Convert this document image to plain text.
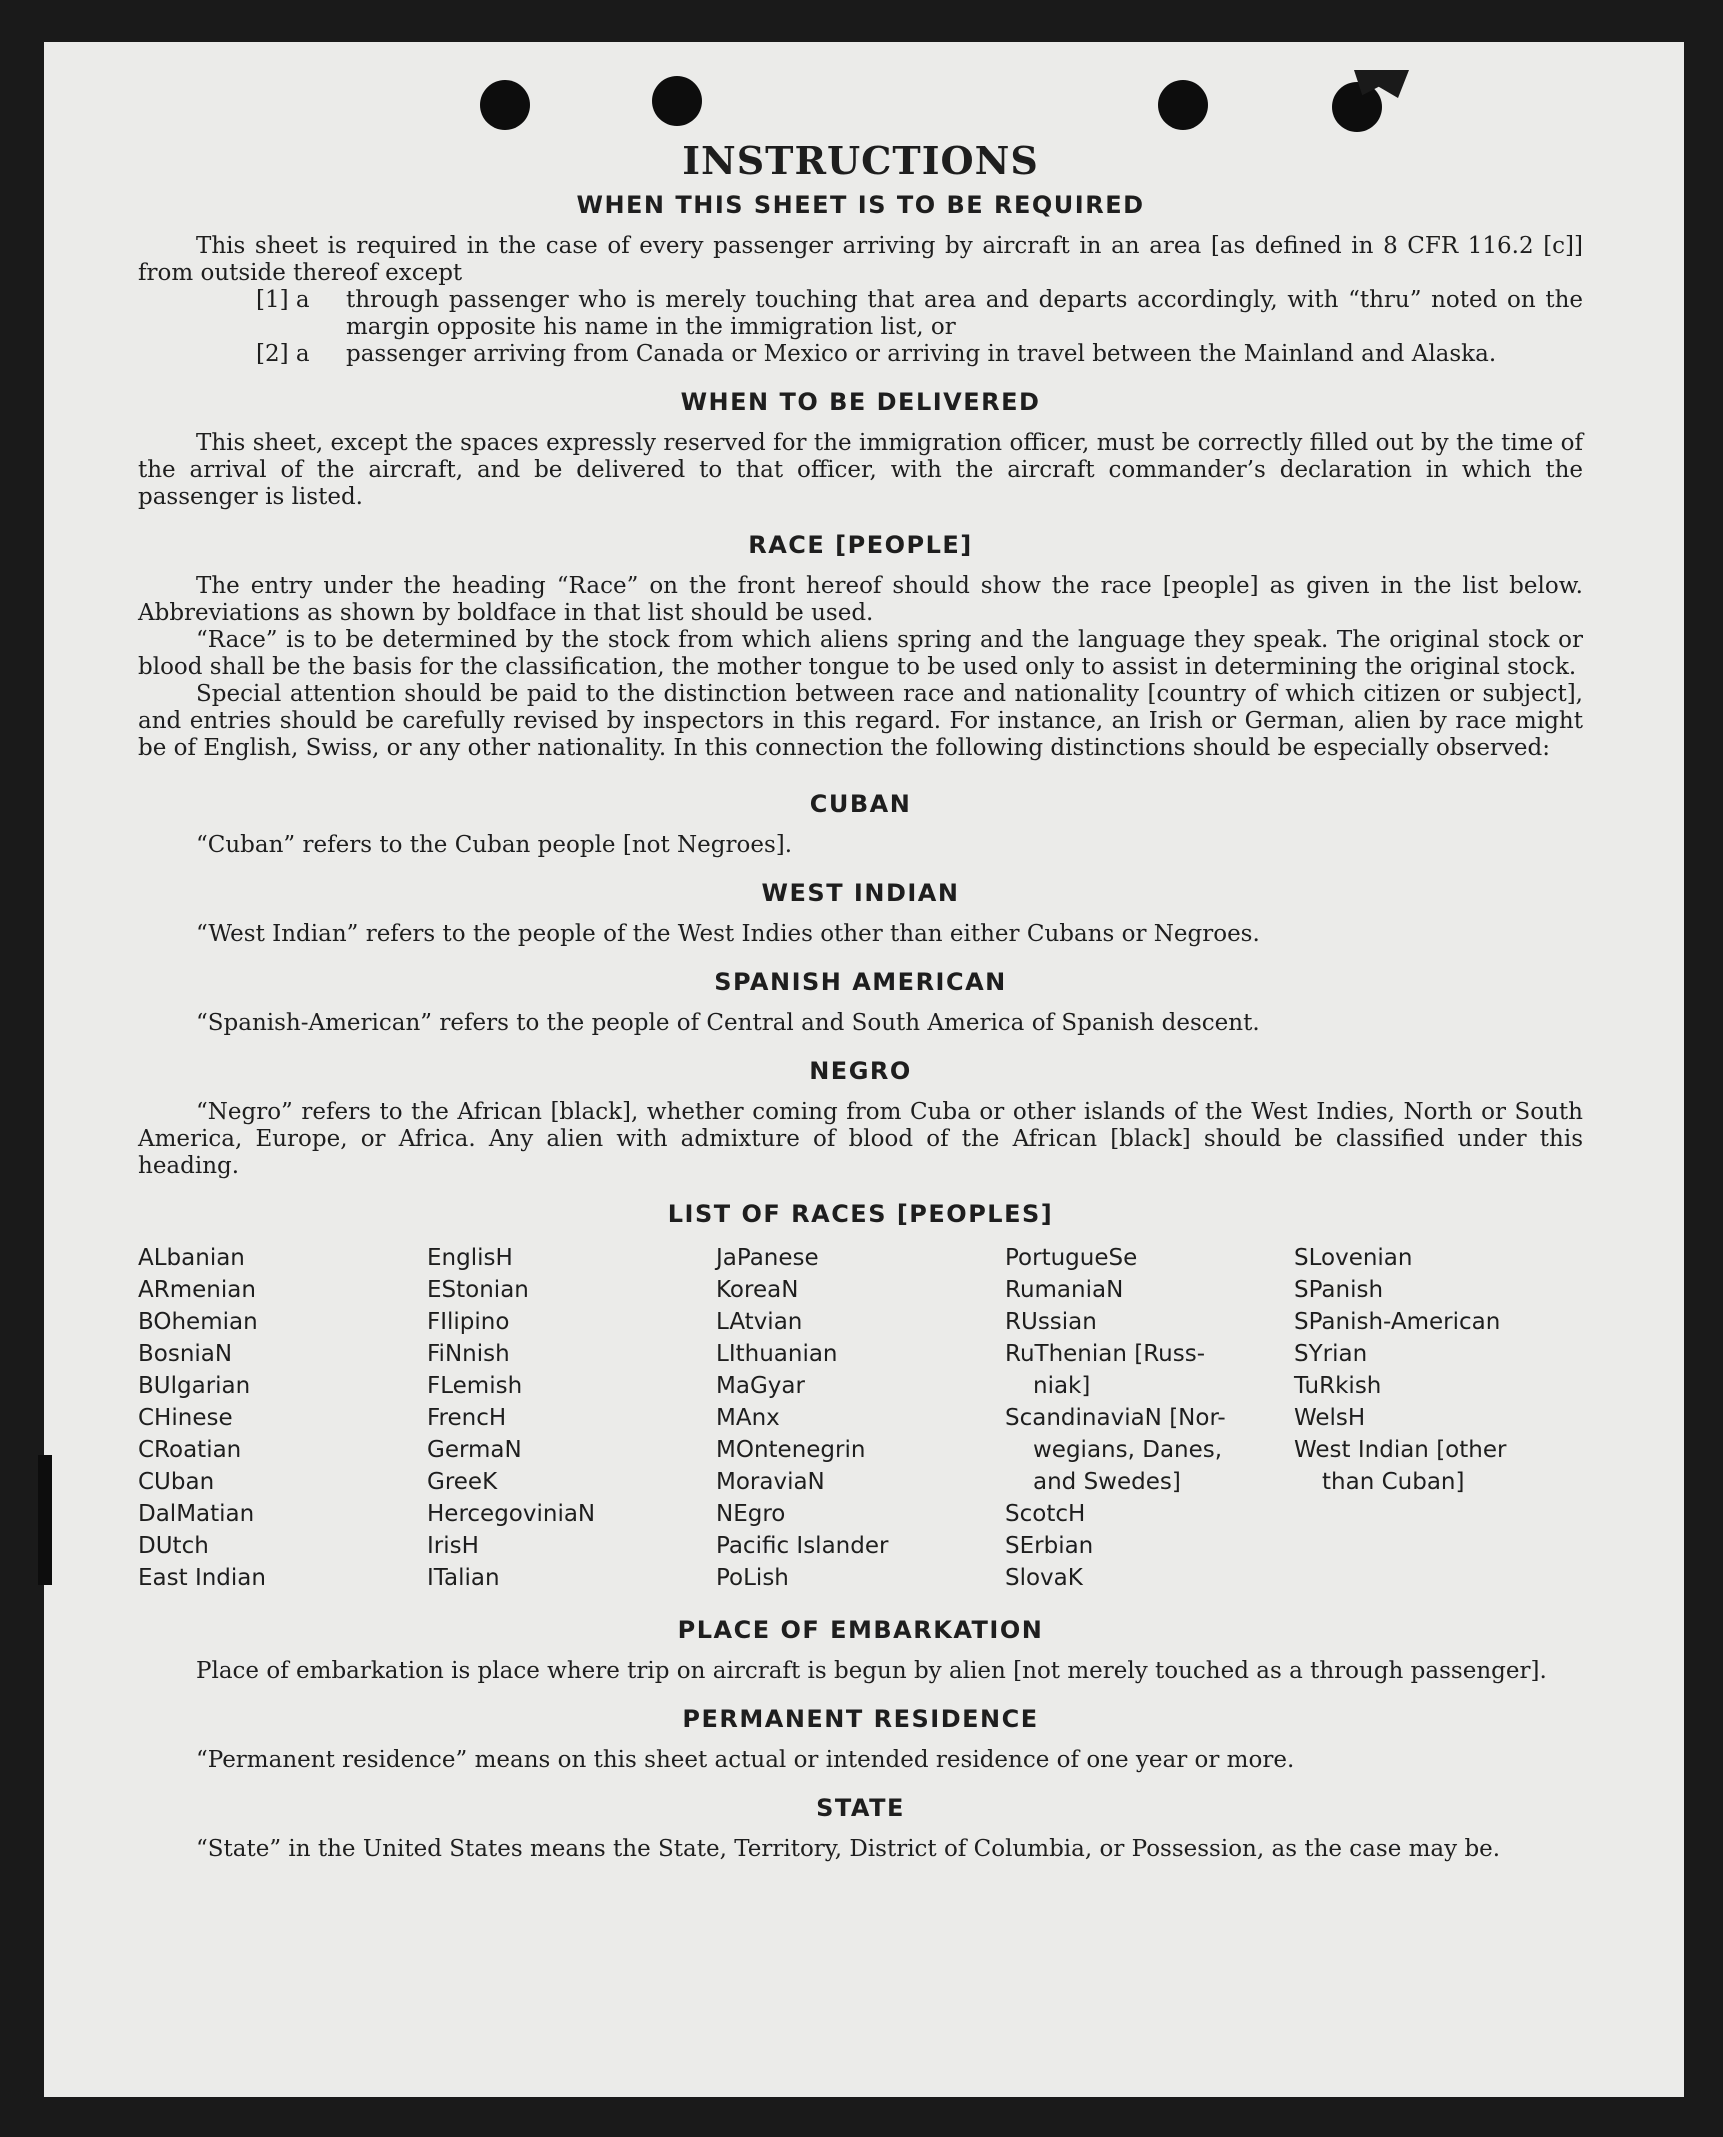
INSTRUCTIONS
WHEN THIS SHEET IS TO BE REQUIRED

This sheet is required in the case of every passenger arriving by aircraft in an area [as defined in 8 CFR 116.2 [c]] from outside thereof except

[1] a	through passenger who is merely touching that area and departs accordingly, with “thru” noted on the margin opposite his name in the immigration list, or
[2] a	passenger arriving from Canada or Mexico or arriving in travel between the Mainland and Alaska.
WHEN TO BE DELIVERED

This sheet, except the spaces expressly reserved for the immigration officer, must be correctly filled out by the time of the arrival of the aircraft, and be delivered to that officer, with the aircraft commander’s declaration in which the passenger is listed.

RACE [PEOPLE]

The entry under the heading “Race” on the front hereof should show the race [people] as given in the list below. Abbreviations as shown by boldface in that list should be used.

“Race” is to be determined by the stock from which aliens spring and the language they speak. The original stock or blood shall be the basis for the classification, the mother tongue to be used only to assist in determining the original stock.

Special attention should be paid to the distinction between race and nationality [country of which citizen or subject], and entries should be carefully revised by inspectors in this regard. For instance, an Irish or German, alien by race might be of English, Swiss, or any other nationality. In this connection the following distinctions should be especially observed:

CUBAN

“Cuban” refers to the Cuban people [not Negroes].

WEST INDIAN

“West Indian” refers to the people of the West Indies other than either Cubans or Negroes.

SPANISH AMERICAN

“Spanish-American” refers to the people of Central and South America of Spanish descent.

NEGRO

“Negro” refers to the African [black], whether coming from Cuba or other islands of the West Indies, North or South America, Europe, or Africa. Any alien with admixture of blood of the African [black] should be classified under this heading.

LIST OF RACES [PEOPLES]
ALbanian
ARmenian
BOhemian
BosniaN
BUlgarian
CHinese
CRoatian
CUban
DalMatian
DUtch
East Indian
EnglisH
EStonian
FIlipino
FiNnish
FLemish
FrencH
GermaN
GreeK
HercegoviniaN
IrisH
ITalian
JaPanese
KoreaN
LAtvian
LIthuanian
MaGyar
MAnx
MOntenegrin
MoraviaN
NEgro
Pacific Islander
PoLish
PortugueSe
RumaniaN
RUssian
RuThenian [Russ-
niak]
ScandinaviaN [Nor-
wegians, Danes,
and Swedes]
ScotcH
SErbian
SlovaK
SLovenian
SPanish
SPanish-American
SYrian
TuRkish
WelsH
West Indian [other
than Cuban]
PLACE OF EMBARKATION

Place of embarkation is place where trip on aircraft is begun by alien [not merely touched as a through passenger].

PERMANENT RESIDENCE

“Permanent residence” means on this sheet actual or intended residence of one year or more.

STATE

“State” in the United States means the State, Territory, District of Columbia, or Possession, as the case may be.
